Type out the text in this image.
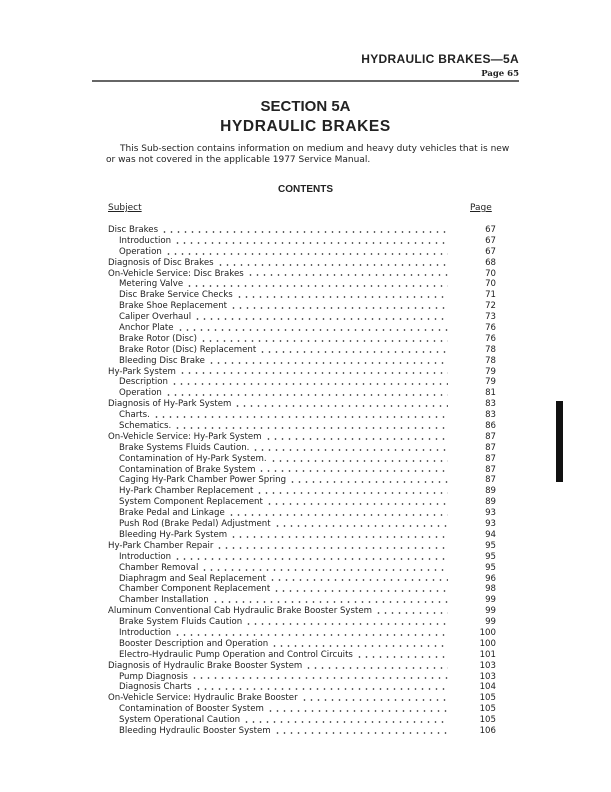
HYDRAULIC BRAKES—5A
Page 65
SECTION 5A
HYDRAULIC BRAKES
This Sub-section contains information on medium and heavy duty vehicles that is new or was not covered in the applicable 1977 Service Manual.
CONTENTS
Subject	Page
Disc Brakes	67
Introduction	67
Operation	67
Diagnosis of Disc Brakes	68
On-Vehicle Service: Disc Brakes	70
Metering Valve	70
Disc Brake Service Checks	71
Brake Shoe Replacement	72
Caliper Overhaul	73
Anchor Plate	76
Brake Rotor (Disc)	76
Brake Rotor (Disc) Replacement	78
Bleeding Disc Brake	78
Hy-Park System	79
Description	79
Operation	81
Diagnosis of Hy-Park System	83
Charts.	83
Schematics.	86
On-Vehicle Service: Hy-Park System	87
Brake Systems Fluids Caution.	87
Contamination of Hy-Park System.	87
Contamination of Brake System	87
Caging Hy-Park Chamber Power Spring	87
Hy-Park Chamber Replacement	89
System Component Replacement	89
Brake Pedal and Linkage	93
Push Rod (Brake Pedal) Adjustment	93
Bleeding Hy-Park System	94
Hy-Park Chamber Repair	95
Introduction	95
Chamber Removal	95
Diaphragm and Seal Replacement	96
Chamber Component Replacement	98
Chamber Installation	99
Aluminum Conventional Cab Hydraulic Brake Booster System	99
Brake System Fluids Caution	99
Introduction	100
Booster Description and Operation	100
Electro-Hydraulic Pump Operation and Control Circuits	101
Diagnosis of Hydraulic Brake Booster System	103
Pump Diagnosis	103
Diagnosis Charts	104
On-Vehicle Service: Hydraulic Brake Booster	105
Contamination of Booster System	105
System Operational Caution	105
Bleeding Hydraulic Booster System	106
